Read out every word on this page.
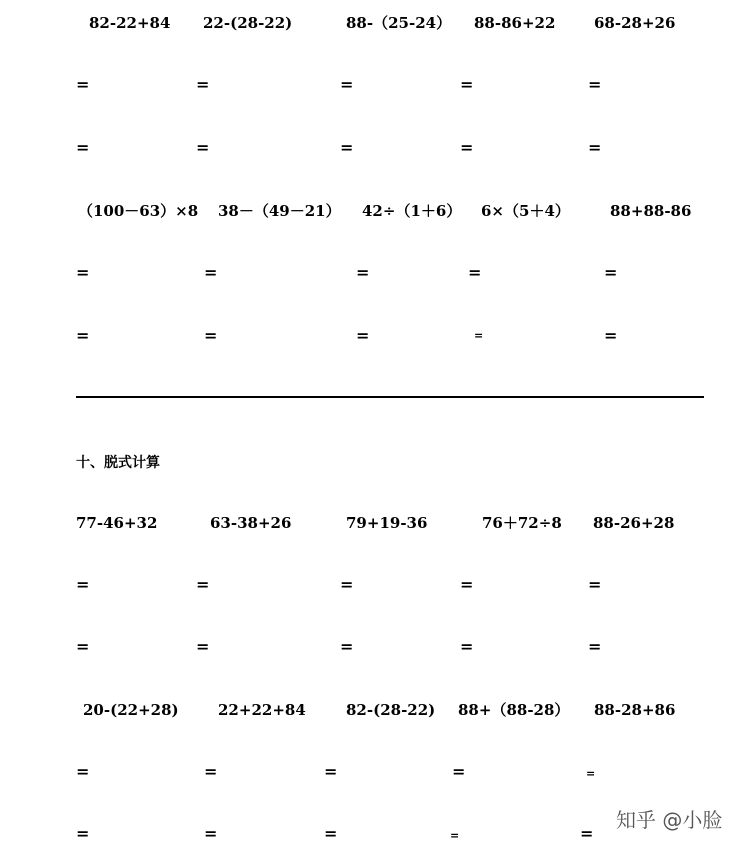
82-22+84 22-(28-22)	88-（25-24） 88-86+22	68-28+26
=	=	=	=	=
=	=	=	=	=
（100－63）×8 38－（49－21） 42÷（1＋6） 6×（5＋4）	88+88-86
=	=	=	=	=
=	=	=	=	=
十、脱式计算
77-46+32	63-38+26	79+19-36	76＋72÷8 88-26+28
=	=	=	=	=
=	=	=	=	=
20-(22+28)	22+22+84	82-(28-22) 88+（88-28） 88-28+86
=	=	=	=	=
=	=	=	=	=
知乎 @小脸
